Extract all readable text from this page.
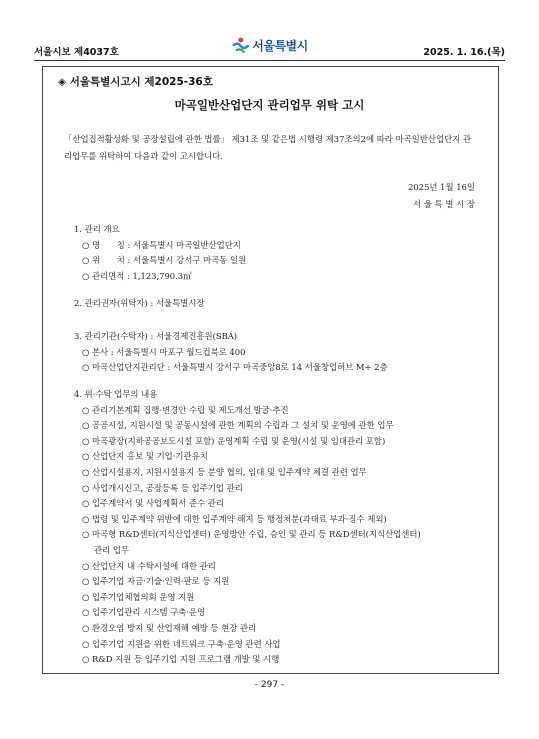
서울시보 제4037호	서울특별시	2025. 1. 16.(목)
◈ 서울특별시고시 제2025-36호
마곡일반산업단지 관리업무 위탁 고시

「산업집적활성화 및 공장설립에 관한 법률」 제31조 및 같은법 시행령 제37조의2에 따라 마곡일반산업단지 관리업무를 위탁하여 다음과 같이 고시합니다.

2025년 1월 16일
서 울 특 별 시 장
1. 관리 개요
○ 명　　칭 : 서울특별시 마곡일반산업단지
○ 위　　치 : 서울특별시 강서구 마곡동 일원
○ 관리면적 : 1,123,790.3㎡
2. 관리권자(위탁자) : 서울특별시장
3. 관리기관(수탁자) : 서울경제진흥원(SBA)
○ 본사 : 서울특별시 마포구 월드컵북로 400
○ 마곡산업단지관리단 : 서울특별시 강서구 마곡중앙8로 14 서울창업허브 M+ 2층
4. 위·수탁 업무의 내용
○ 관리기본계획 집행·변경안 수립 및 제도개선 발굴·추진
○ 공공시설, 지원시설 및 공동시설에 관한 계획의 수립과 그 설치 및 운영에 관한 업무
○ 마곡광장(지하공공보도시설 포함) 운영계획 수립 및 운영(시설 및 임대관리 포함)
○ 산업단지 홍보 및 기업·기관유치
○ 산업시설용지, 지원시설용지 등 분양 협의, 임대 및 입주계약 체결 관련 업무
○ 사업개시신고, 공장등록 등 입주기업 관리
○ 입주계약서 및 사업계획서 준수 관리
○ 법령 및 입주계약 위반에 대한 입주계약 해지 등 행정처분(과태료 부과·징수 제외)
○ 마곡형 R&D센터(지식산업센터) 운영방안 수립, 승인 및 관리 등 R&D센터(지식산업센터)
관리 업무
○ 산업단지 내 수탁시설에 대한 관리
○ 입주기업 자금·기술·인력·판로 등 지원
○ 입주기업체협의회 운영 지원
○ 입주기업관리 시스템 구축·운영
○ 환경오염 방지 및 산업재해 예방 등 현장 관리
○ 입주기업 지원을 위한 네트워크 구축·운영 관련 사업
○ R&D 지원 등 입주기업 지원 프로그램 개발 및 시행
- 297 -
